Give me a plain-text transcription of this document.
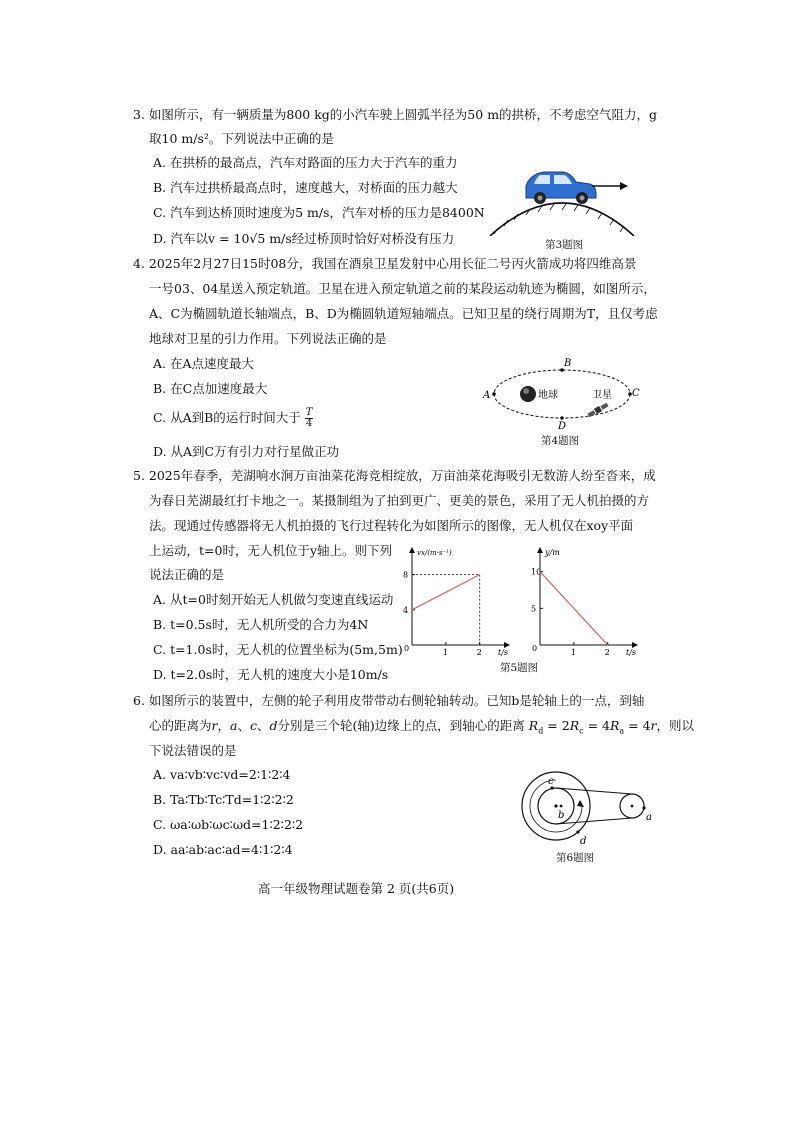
3. 如图所示，有一辆质量为800 kg的小汽车驶上圆弧半径为50 m的拱桥，不考虑空气阻力，g
取10 m/s²。下列说法中正确的是
A. 在拱桥的最高点，汽车对路面的压力大于汽车的重力
B. 汽车过拱桥最高点时，速度越大，对桥面的压力越大
C. 汽车到达桥顶时速度为5 m/s，汽车对桥的压力是8400N
D. 汽车以v = 10√5 m/s经过桥顶时恰好对桥没有压力	第3题图
4. 2025年2月27日15时08分，我国在酒泉卫星发射中心用长征二号丙火箭成功将四维高景
一号03、04星送入预定轨道。卫星在进入预定轨道之前的某段运动轨迹为椭圆，如图所示，
A、C为椭圆轨道长轴端点，B、D为椭圆轨道短轴端点。已知卫星的绕行周期为T，且仅考虑
地球对卫星的引力作用。下列说法正确的是
A. 在A点速度最大
B. 在C点加速度最大
C. 从A到B的运行时间大于 $\frac{T}{4}$
D. 从A到C万有引力对行星做正功
A
B
C
D
地球	卫星
第4题图
5. 2025年春季，芜湖响水涧万亩油菜花海竞相绽放，万亩油菜花海吸引无数游人纷至沓来，成
为春日芜湖最红打卡地之一。某摄制组为了拍到更广、更美的景色，采用了无人机拍摄的方
法。现通过传感器将无人机拍摄的飞行过程转化为如图所示的图像，无人机仅在xoy平面
上运动，t=0时，无人机位于y轴上。则下列
说法正确的是
A. 从t=0时刻开始无人机做匀变速直线运动
B. t=0.5s时，无人机所受的合力为4N
C. t=1.0s时，无人机的位置坐标为(5m,5m)
D. t=2.0s时，无人机的速度大小是10m/s
vx/(m·s⁻¹)
t/s
0	1	2
4
8
y/m
t/s
0	1	2
5
10
第5题图
6. 如图所示的装置中，左侧的轮子利用皮带带动右侧轮轴转动。已知b是轮轴上的一点，到轴
心的距离为r，a、c、d分别是三个轮(轴)边缘上的点，到轴心的距离 $R_d = 2R_c = 4R_a = 4r$，则以
下说法错误的是
A. va∶vb∶vc∶vd=2∶1∶2∶4
B. Ta∶Tb∶Tc∶Td=1∶2∶2∶2
C. ωa∶ωb∶ωc∶ωd=1∶2∶2∶2
D. aa∶ab∶ac∶ad=4∶1∶2∶4
c
b
d
a
第6题图
高一年级物理试题卷第 2 页(共6页)
